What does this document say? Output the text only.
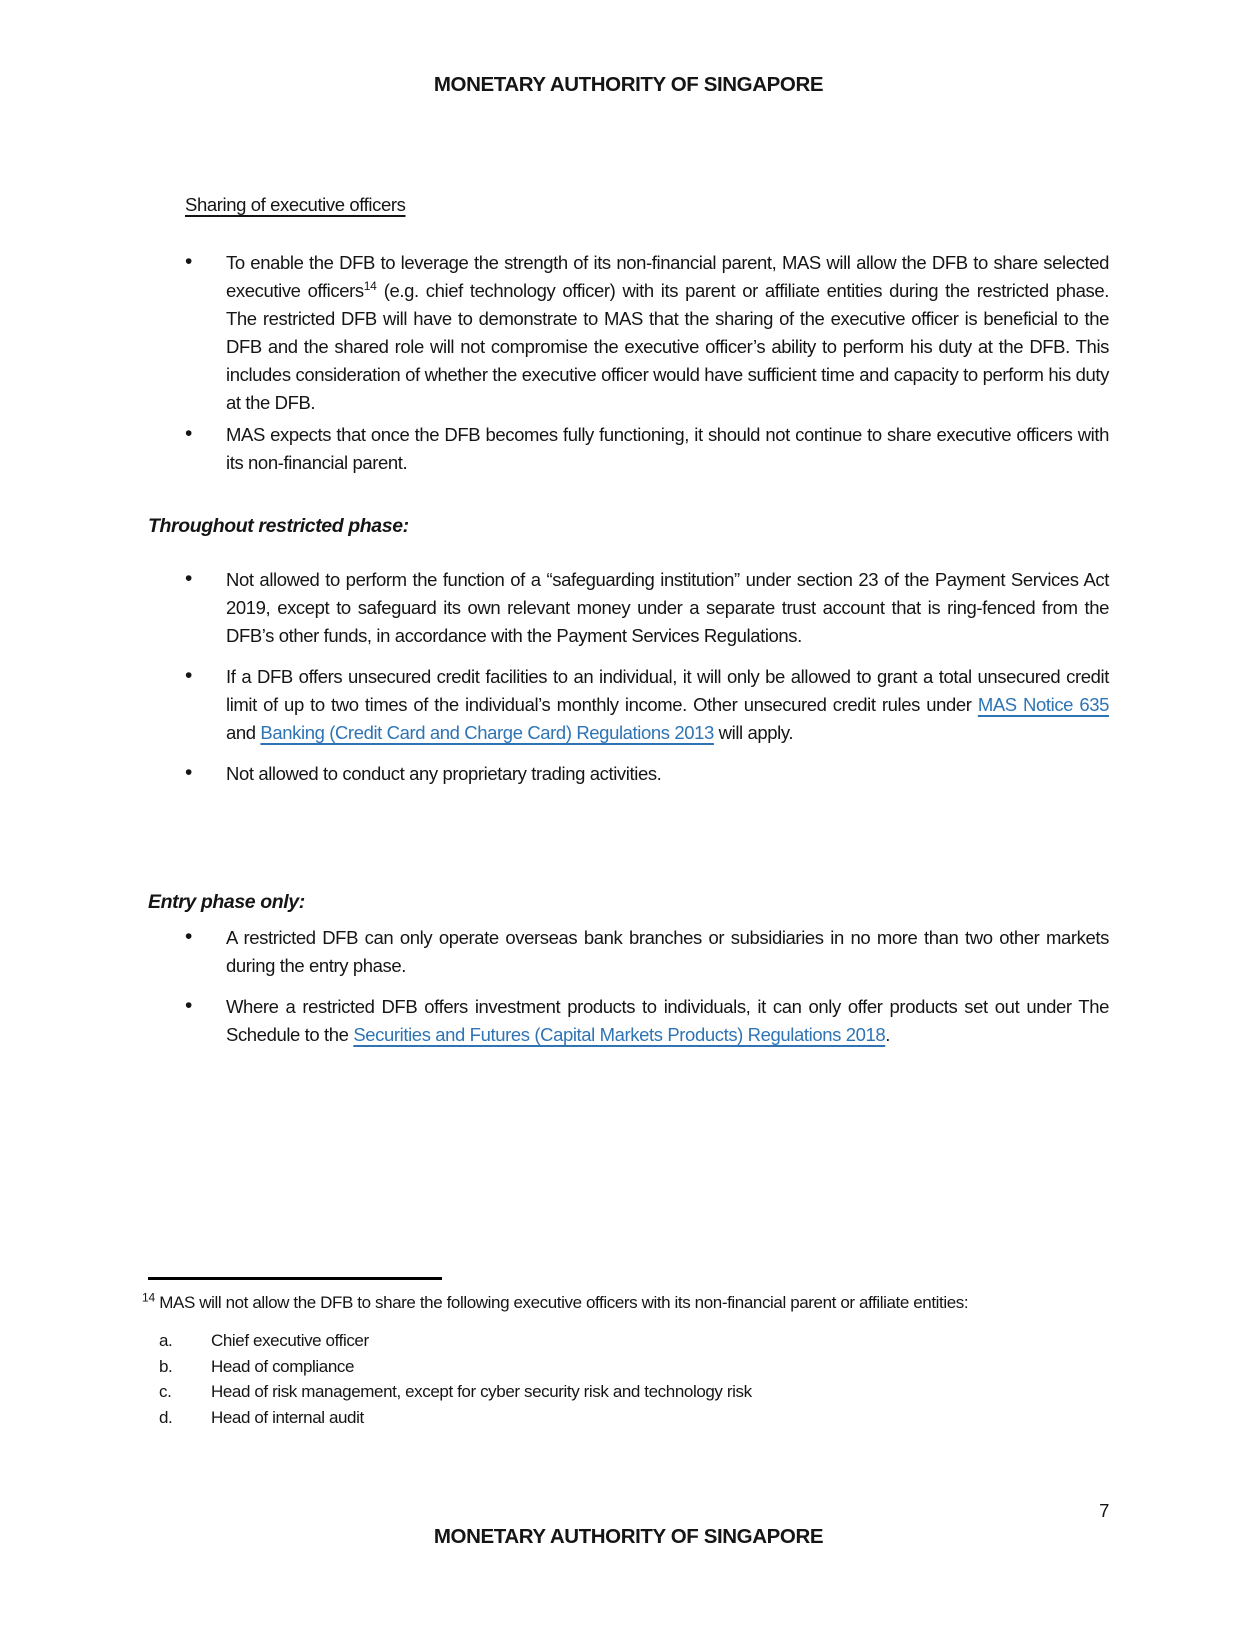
MONETARY AUTHORITY OF SINGAPORE
Sharing of executive officers
• To enable the DFB to leverage the strength of its non-financial parent, MAS will allow the DFB to share selected executive officers$^{14}$ (e.g. chief technology officer) with its parent or affiliate entities during the restricted phase. The restricted DFB will have to demonstrate to MAS that the sharing of the executive officer is beneficial to the DFB and the shared role will not compromise the executive officer’s ability to perform his duty at the DFB. This includes consideration of whether the executive officer would have sufficient time and capacity to perform his duty at the DFB.

• MAS expects that once the DFB becomes fully functioning, it should not continue to share executive officers with its non-financial parent.

Throughout restricted phase:
• Not allowed to perform the function of a “safeguarding institution” under section 23 of the Payment Services Act 2019, except to safeguard its own relevant money under a separate trust account that is ring-fenced from the DFB’s other funds, in accordance with the Payment Services Regulations.

• If a DFB offers unsecured credit facilities to an individual, it will only be allowed to grant a total unsecured credit limit of up to two times of the individual’s monthly income. Other unsecured credit rules under MAS Notice 635 and Banking (Credit Card and Charge Card) Regulations 2013 will apply.

• Not allowed to conduct any proprietary trading activities.

Entry phase only:
• A restricted DFB can only operate overseas bank branches or subsidiaries in no more than two other markets during the entry phase.

• Where a restricted DFB offers investment products to individuals, it can only offer products set out under The Schedule to the Securities and Futures (Capital Markets Products) Regulations 2018.

$^{14}$ MAS will not allow the DFB to share the following executive officers with its non-financial parent or affiliate entities:

a.	Chief executive officer
b.	Head of compliance
c.	Head of risk management, except for cyber security risk and technology risk
d.	Head of internal audit
7
MONETARY AUTHORITY OF SINGAPORE
